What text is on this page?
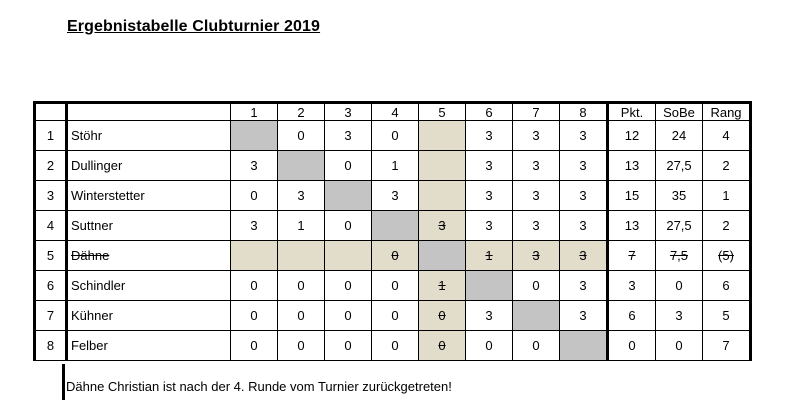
Ergebnistabelle Clubturnier 2019
		1	2	3	4	5	6	7	8	Pkt.	SoBe	Rang
1	Stöhr		0	3	0		3	3	3	12	24	4
2	Dullinger	3		0	1		3	3	3	13	27,5	2
3	Winterstetter	0	3		3		3	3	3	15	35	1
4	Suttner	3	1	0		3	3	3	3	13	27,5	2
5	Dähne				0		1	3	3	7	7,5	(5)
6	Schindler	0	0	0	0	1		0	3	3	0	6
7	Kühner	0	0	0	0	0	3		3	6	3	5
8	Felber	0	0	0	0	0	0	0		0	0	7
Dähne Christian ist nach der 4. Runde vom Turnier zurückgetreten!
